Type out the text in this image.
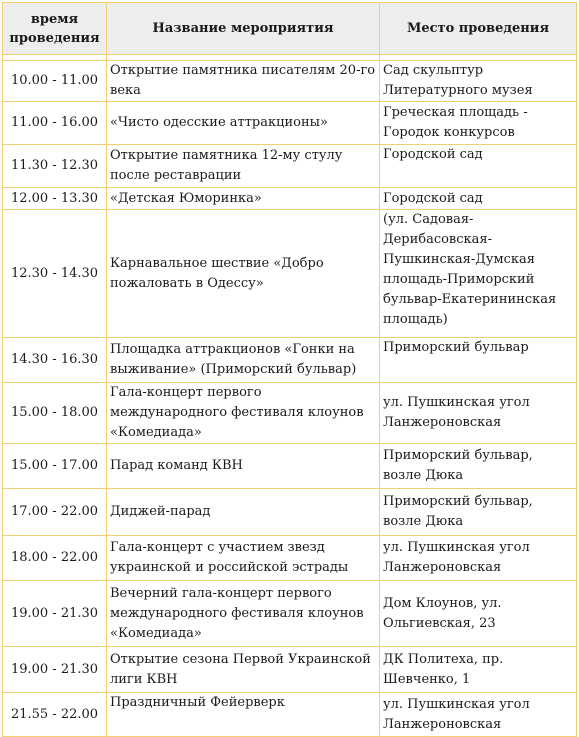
время проведения	Название мероприятия	Место проведения

10.00 - 11.00	Открытие памятника писателям 20-го века	Сад скульптур Литературного музея
11.00 - 16.00	«Чисто одесские аттракционы»	Греческая площадь - Городок конкурсов
11.30 - 12.30	Открытие памятника 12-му стулу после реставрации	Городской сад
12.00 - 13.30	«Детская Юморинка»	Городской сад
12.30 - 14.30	Карнавальное шествие «Добро пожаловать в Одессу»	(ул. Садовая-Дерибасовская-Пушкинская-Думская площадь-Приморский бульвар-Екатерининская площадь)
14.30 - 16.30	Площадка аттракционов «Гонки на выживание» (Приморский бульвар)	Приморский бульвар
15.00 - 18.00	Гала-концерт первого международного фестиваля клоунов «Комедиада»	ул. Пушкинская угол Ланжероновская
15.00 - 17.00	Парад команд КВН	Приморский бульвар, возле Дюка
17.00 - 22.00	Диджей-парад	Приморский бульвар, возле Дюка
18.00 - 22.00	Гала-концерт с участием звезд украинской и российской эстрады	ул. Пушкинская угол Ланжероновская
19.00 - 21.30	Вечерний гала-концерт первого международного фестиваля клоунов «Комедиада»	Дом Клоунов, ул. Ольгиевская, 23
19.00 - 21.30	Открытие сезона Первой Украинской лиги КВН	ДК Политеха, пр. Шевченко, 1
21.55 - 22.00	Праздничный Фейерверк	ул. Пушкинская угол Ланжероновская
